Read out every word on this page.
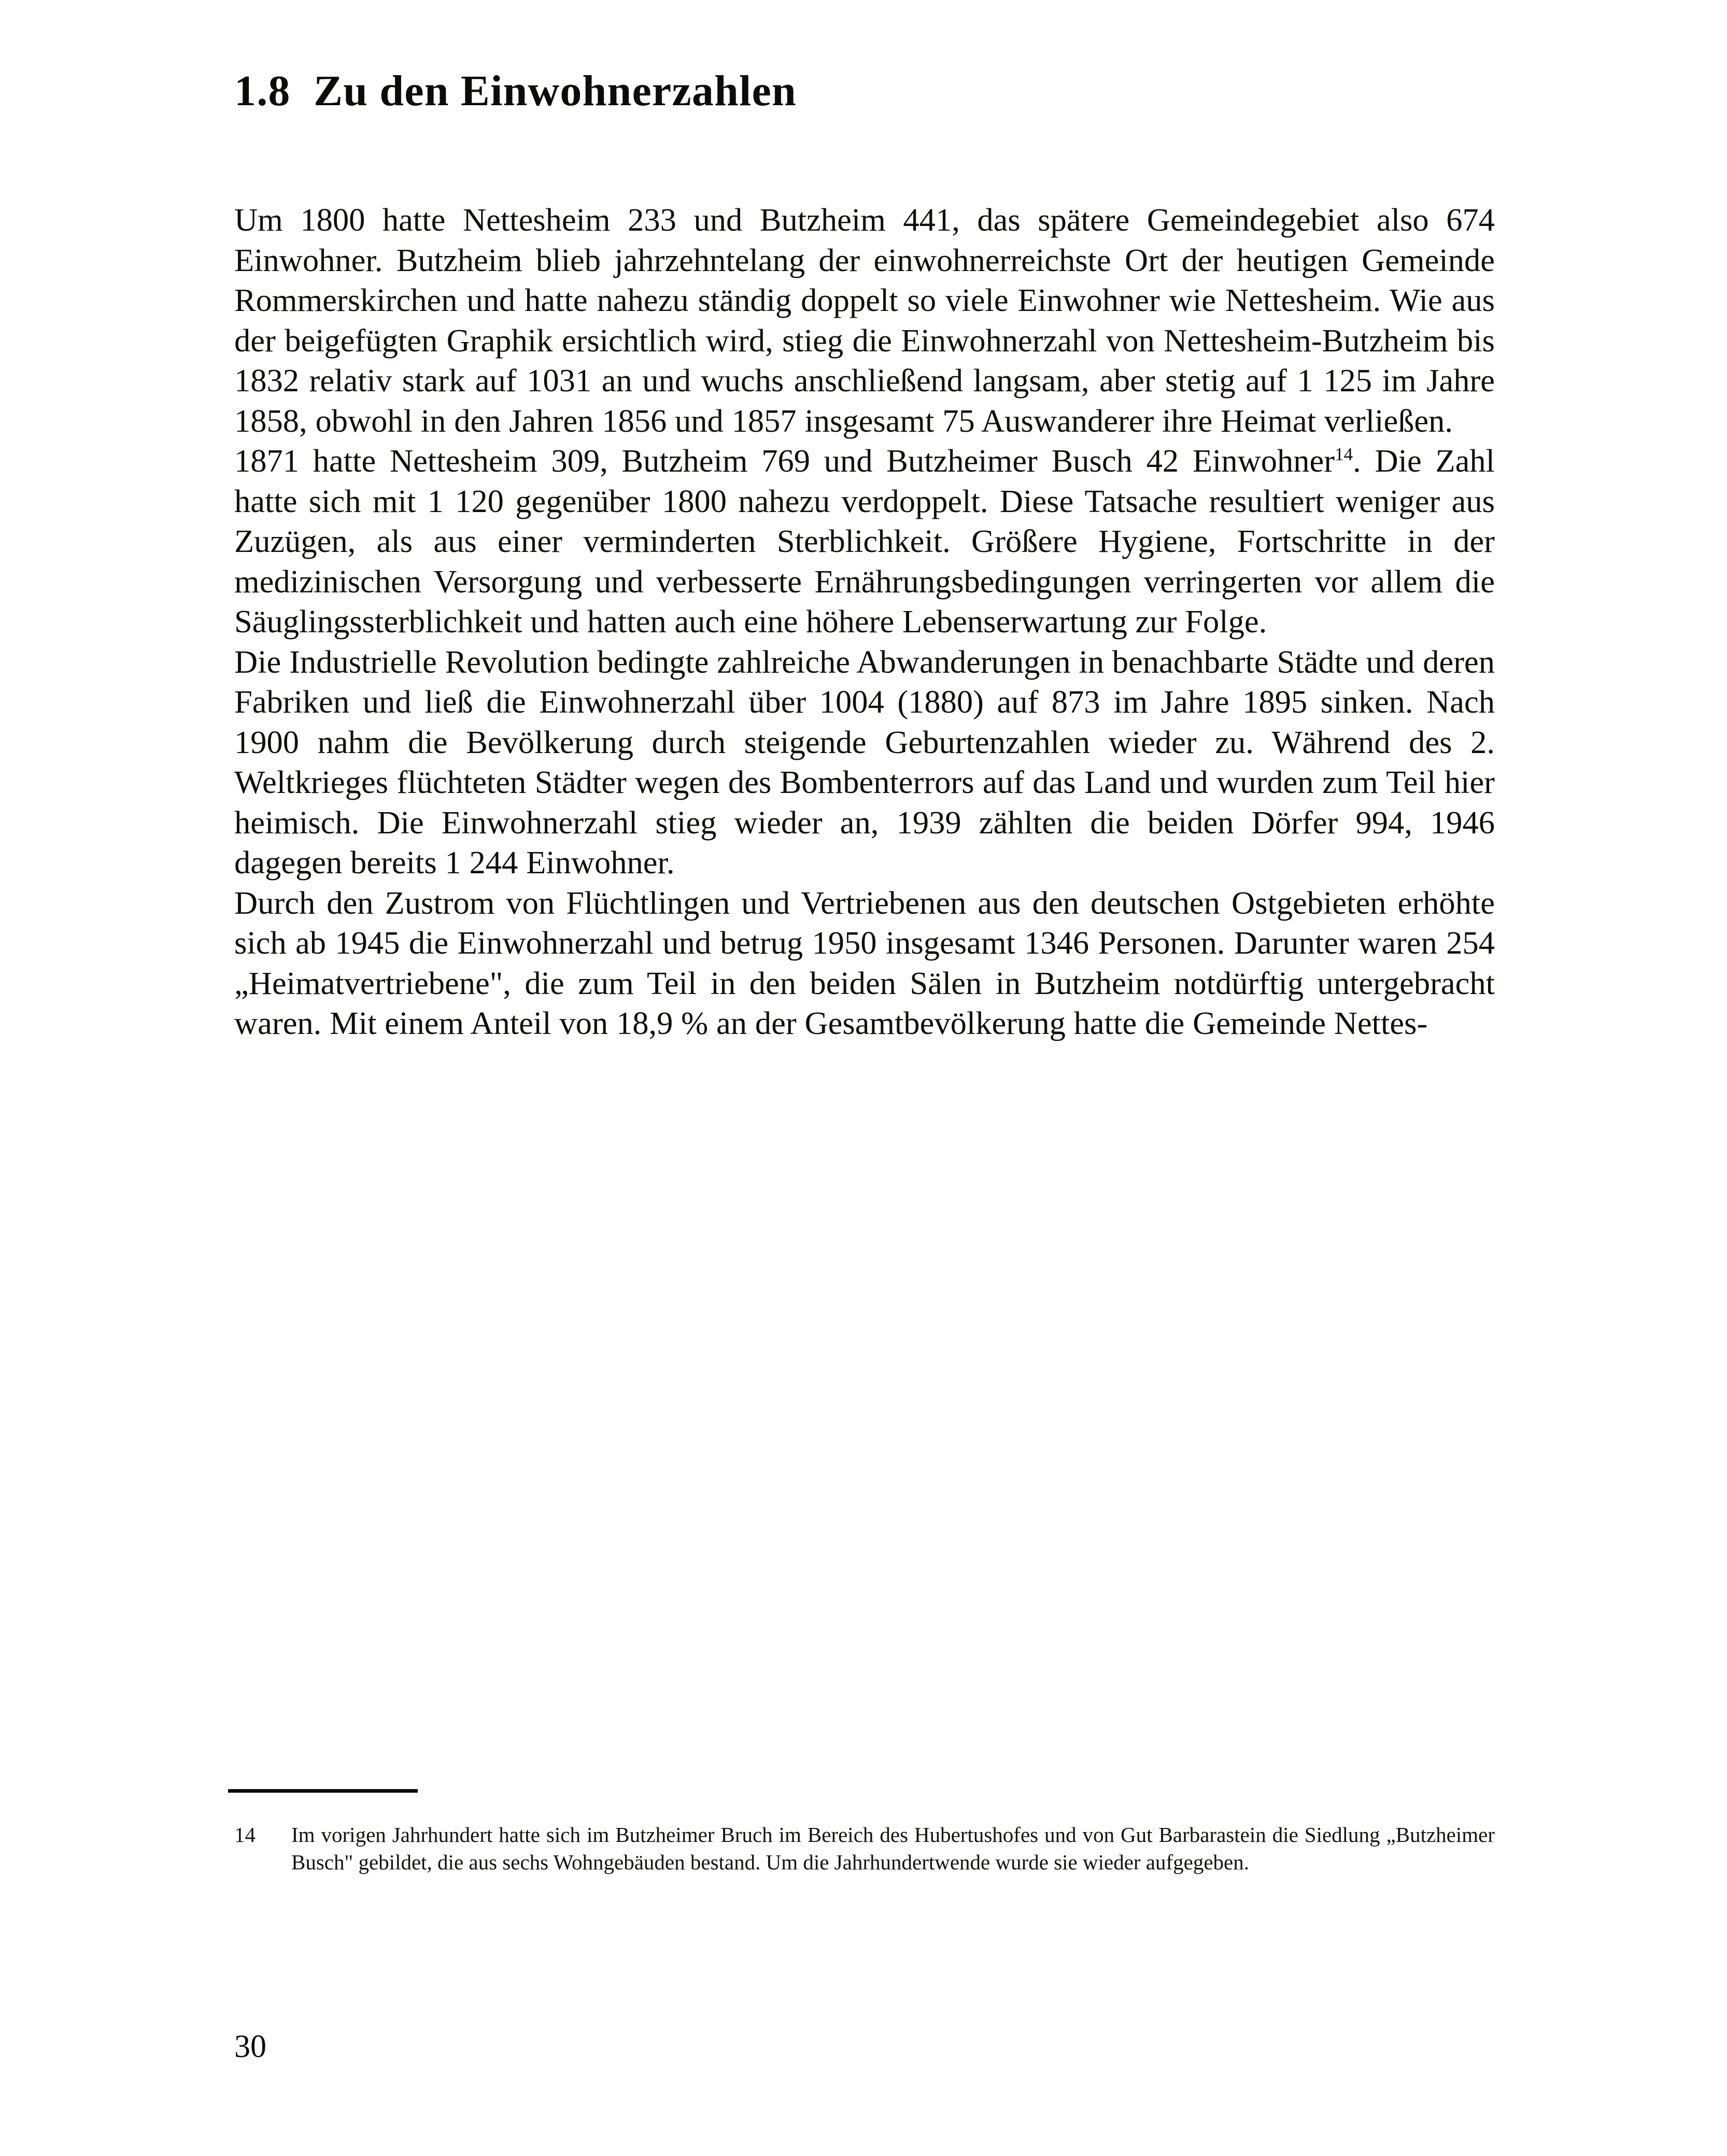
1.8  Zu den Einwohnerzahlen

Um 1800 hatte Nettesheim 233 und Butzheim 441, das spätere Gemeindegebiet also 674 Einwohner. Butzheim blieb jahrzehntelang der einwohnerreichste Ort der heutigen Gemeinde Rommerskirchen und hatte nahezu ständig doppelt so viele Einwohner wie Nettesheim. Wie aus der beigefügten Graphik ersichtlich wird, stieg die Einwohnerzahl von Nettesheim-Butzheim bis 1832 relativ stark auf 1031 an und wuchs anschließend langsam, aber stetig auf 1 125 im Jahre 1858, obwohl in den Jahren 1856 und 1857 insgesamt 75 Auswanderer ihre Heimat verließen.

1871 hatte Nettesheim 309, Butzheim 769 und Butzheimer Busch 42 Einwohner$^{14}$. Die Zahl hatte sich mit 1 120 gegenüber 1800 nahezu verdoppelt. Diese Tatsache resultiert weniger aus Zuzügen, als aus einer verminderten Sterblichkeit. Größere Hygiene, Fortschritte in der medizinischen Versorgung und verbesserte Ernährungsbedingungen verringerten vor allem die Säuglingssterblichkeit und hatten auch eine höhere Lebenserwartung zur Folge.

Die Industrielle Revolution bedingte zahlreiche Abwanderungen in benachbarte Städte und deren Fabriken und ließ die Einwohnerzahl über 1004 (1880) auf 873 im Jahre 1895 sinken. Nach 1900 nahm die Bevölkerung durch steigende Geburtenzahlen wieder zu. Während des 2. Weltkrieges flüchteten Städter wegen des Bombenterrors auf das Land und wurden zum Teil hier heimisch. Die Einwohnerzahl stieg wieder an, 1939 zählten die beiden Dörfer 994, 1946 dagegen bereits 1 244 Einwohner.

Durch den Zustrom von Flüchtlingen und Vertriebenen aus den deutschen Ostgebieten erhöhte sich ab 1945 die Einwohnerzahl und betrug 1950 insgesamt 1346 Personen. Darunter waren 254 „Heimatvertriebene", die zum Teil in den beiden Sälen in Butzheim notdürftig untergebracht waren. Mit einem Anteil von 18,9 % an der Gesamtbevölkerung hatte die Gemeinde Nettes-

14 Im vorigen Jahrhundert hatte sich im Butzheimer Bruch im Bereich des Hubertushofes und von Gut Barbarastein die Siedlung „Butzheimer Busch" gebildet, die aus sechs Wohngebäuden bestand. Um die Jahrhundertwende wurde sie wieder aufgegeben.
30
